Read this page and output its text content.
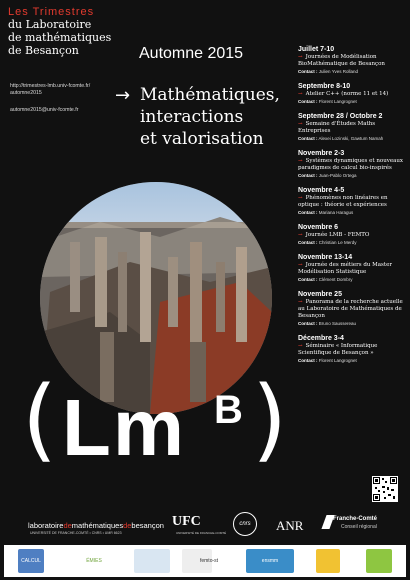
Les Trimestres
du Laboratoire
de mathématiques
de Besançon
http://trimestres-lmb.univ-fcomte.fr/
automne2015
automne2015@univ-fcomte.fr
Automne 2015
→ Mathématiques,
interactions
et valorisation
( Lm B )
Juillet 7-10
→ Journées de Modélisation BioMathématique de Besançon
Contact : Julien Yves Rolland
Septembre 8-10
→ Atelier C++ (norme 11 et 14)
Contact : Florent Langrognet
Septembre 28 / Octobre 2
→ Semaine d'Études Maths Entreprises
Contact : Alexei Lozinski, Gawtum Namah
Novembre 2-3
→ Systèmes dynamiques et nouveaux paradigmes de calcul bio-inspirés
Contact : Juan-Pablo Ortega
Novembre 4-5
→ Phénomènes non linéaires en optique : théorie et expériences
Contact : Mariana Haragus
Novembre 6
→ Journée LMB - FEMTO
Contact : Christian Le Merdy
Novembre 13-14
→ Journée des métiers du Master Modélisation Statistique
Contact : Clément Dombry
Novembre 25
→ Panorama de la recherche actuelle au Laboratoire de Mathématiques de Besançon
Contact : Bruno Saussereau
Décembre 3-4
→ Séminaire « Informatique Scientifique de Besançon »
Contact : Florent Langrognet
laboratoiredemathématiquesdebesançon
UNIVERSITÉ DE FRANCHE-COMTÉ • CNRS • UMR 6623
UFC
UNIVERSITÉ DE FRANCHE-COMTÉ
cnrs	ANR	Franche-Comté
Conseil régional
CALCUL	ÉMIES	femto-st	ensmm
